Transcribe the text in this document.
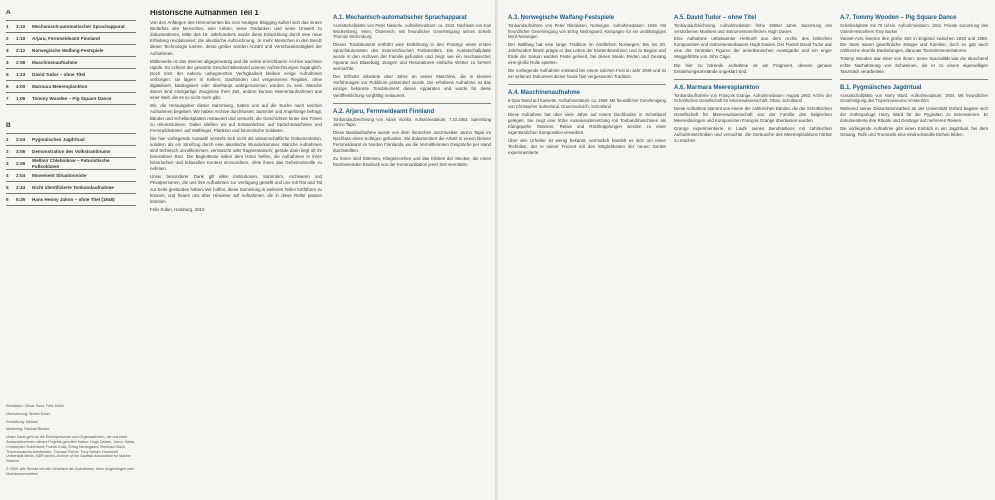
A
1	3:10	Mechanisch-automatischer Sprachapparat
2	1:10	Arjaru, Fernmeldeamt Finnland
3	2:12	Norwegische Walfang-Festspiele
4	2:58	Maschinenaufnahme
5	1:23	David Tudor – ohne Titel
6	4:00	Marmara Meeresplankton
7	1:06	Tommy Wooden – Pig Square Dance
B
1	2:04	Pygmäisches Jagdritual
2	3:06	Demonstration des Volkstrantinums
3	2:06
Wellmir Chlebnikow – Futuristische Fußsoldaten
4	2:04	Movement Situationniste
5	2:44	Nicht identifizierte Tonbandaufnahme
6	5:26	Hans Henny Jahnn – ohne Titel (1948)

Redaktion: Olmar Suss, Felix Kubin

Übersetzung: Stefan Eckel

Gestaltung: Melvan

Mastering: Rashad Becker

Unser Dank geht an die Einzelpersonen und Organisationen, die uns beim Zustandekommen dieses Projekts geholfen haben: Hugh Davies, Jarmo Sarka, Christopher Sutherland, Franck Kolla, Erling Nedregaard, Reinhard Bach, Tropenmuseum Amsterdam, Thomas Pernet, Tony Barker, Humboldt Universität Berlin, NDR Archiv, Archive of the Scottish Association for Marine Science

© 2009, alle Rechte bei den Urhebern der Aufnahmen, ihren Angehörigen oder Nachlassverwaltern

Historische Aufnahmen Teil 1

Von den Anfängen des Hörmomentes bis zum heutigen Blogging äußert sich das innere Bedürfnis des Menschen, sein Leben, seine Gedanken und seine Umwelt zu dokumentieren. Mitte des 19. Jahrhunderts wurde diese Entwicklung durch eine neue Erfindung revolutioniert: die akustische Aufzeichnung. Je mehr Menschen in den Besitz dieser Technologie kamen, desto größer wurden Anzahl und Verschiedenartigkeit der Aufnahmen.

Mittlerweile ist das Internet allgegenwärtig und die online erreichbaren Archive wachsen rapide. So schient der gesamte Geschichtsbestand unserer Aufzeichnungen zugänglich. Doch trotz der nahezu unbegrenzten Verfügbarkeit bleiben einige Aufnahmen verborgen: sie lagern in Kellern, Dachböden und vergessenen Regalen, ohne digitalisiert, katalogisiert oder überhaupt wahrgenommen worden zu sein. Manche davon sind einzigartige Zeugnisse ihrer Zeit, andere kuriose Momentaufnahmen aus einer Welt, die es so nicht mehr gibt.

Wir, die Herausgeber dieser Sammlung, haben uns auf die Suche nach solchen Aufnahmen begeben. Wir haben Archive durchforstet, Sammler und Angehörige befragt, Bänder und Schellackplatten restauriert und versucht, die Geschichten hinter den Tönen zu rekonstruieren. Dabei stießen wir auf Erstaunliches: auf Sprachmaschinen und Fernmeldeämter, auf Walfänger, Plankton und futuristische Soldaten.

Die hier vorliegende Auswahl versteht sich nicht als wissenschaftliche Dokumentation, sondern als ein Streifzug durch eine akustische Wunderkammer. Manche Aufnahmen sind technisch unvollkommen, verrauscht oder fragmentarisch; gerade darin liegt oft ihr besonderer Reiz. Die Begleittexte sollen dem Hörer helfen, die Aufnahmen in ihren historischen und kulturellen Kontext einzuordnen, ohne ihnen das Geheimnisvolle zu nehmen.

Unser besonderer Dank gilt allen Institutionen, Sammlern, Archivaren und Privatpersonen, die uns ihre Aufnahmen zur Verfügung gestellt und uns mit Rat und Tat zur Seite gestanden haben. Wir hoffen, diese Sammlung in weiteren Teilen fortführen zu können, und freuen uns über Hinweise auf Aufnahmen, die in diese Reihe passen könnten.

Felix Kubin, Hamburg, 2010

A.1. Mechanisch-automatischer Sprachapparat

Acetatschallplatte von Peter Niederle. Aufnahmedatum: ca. 1943. Nachlass von Karl Wookenberg, Wien, Österreich. Mit freundlicher Genehmigung seines Enkels Thomas Wickenburg

Dieses Tondokument entführt eine Einführung in den Prototyp eines ersten Sprachautomaten des österreichischen Tonkünstlers. Die Acetatschallplatte wurde in den Archiven der Familie gefunden und zeigt, wie ein mechanischer Apparat aus Blasebalg, Zungen und Resonatoren einfache Wörter zu formen vermochte.

Der Erfinder arbeitete über Jahre an seiner Maschine, die in kleinen Vorführungen vor Publikum präsentiert wurde. Die erhaltene Aufnahme ist das einzige bekannte Tondokument dieses Apparates und wurde für diese Veröffentlichung sorgfältig restauriert.

A.2. Arjaru, Fernmeldeamt Finnland

Tonbandaufzeichnung von Adam Viuhko. Aufnahmedatum: 7.10.1953. Sammlung Jarmo Tapio

Diese Bandaufnahme wurde von dem finnischen Jazzmusiker Jarmo Tapio im Nachlass eines Kollegen gefunden. Sie dokumentiert die Arbeit in einem kleinen Fernmeldeamt im Norden Finnlands, wo die Vermittlerinnen Gespräche per Hand durchstellten.

Zu hören sind Stimmen, Klingelzeichen und das Klicken der Stecker, die einen faszinierenden Eindruck von der Kommunikation jener Zeit vermitteln.

A.3. Norwegische Walfang-Festspiele

Tonbandaufnahme von Peter Nikolaisen, Norwegen. Aufnahmedatum: 1948. Mit freundlicher Genehmigung von Erling Nedregaard, Kampagne für ein unabhängiges Nord-Norwegen

Der Walfang hat eine lange Tradition im nördlichen Norwegen. Bis ins 20. Jahrhundert hinein prägte er das Leben der Küstenbewohner, und zu Beginn und Ende der Saison wurden Feste gefeiert, bei denen Musik, Reden und Gesang eine große Rolle spielten.

Die vorliegende Aufnahme entstand bei einem solchen Fest im Jahr 1948 und ist ein seltenes Dokument dieser heute fast vergessenen Tradition.

A.4. Maschinenaufnahme

8-Spur-Band auf Kassette. Aufnahmedatum: ca. 1968. Mit freundlicher Genehmigung von Christopher Sutherland, Drummodroich, Schottland

Diese Aufnahme hat über viele Jahre auf einem Dachboden in Schottland gelegen. Sie zeigt eine frühe Auseinandersetzung mit Tonbandmaschinen als Klangquelle: Motoren, Relais und Rückkopplungen werden zu einer eigentümlichen Komposition verwoben.

Über den Urheber ist wenig bekannt; vermutlich handelt es sich um einen Techniker, der in seiner Freizeit mit den Möglichkeiten der neuen Geräte experimentierte.

A.5. David Tudor – ohne Titel

Tonbandaufzeichnung. Aufnahmedatum: frühe 1950er Jahre. Sammlung des verstorbenen Musikers und Instrumentenerfinders Hugh Davies

Eine Aufnahme unbekannter Herkunft aus dem Archiv des britischen Komponisten und Instrumentenbauers Hugh Davies. Der Pianist David Tudor war eine der zentralen Figuren der amerikanischen Avantgarde und ein enger Weggefährte von John Cage.

Die hier zu hörende Aufnahme ist ein Fragment, dessen genaue Entstehungsumstände ungeklärt sind.

A.6. Marmara Meeresplankton

Tonbandaufnahme von François Grange. Aufnahmedatum: August 1953. Archiv der Schottischen Gesellschaft für Meereswissenschaft, Oban, Schottland

Diese Aufnahme stammt von einem der zahlreichen Bänder, die der Schottischen Gesellschaft für Meereswissenschaft von der Familie des belgischen Meeresbiologen und Komponisten François Grange überlassen wurden.

Grange experimentierte in Laufe seines Berufslebens mit zahlreichen Aufnahmetechniken und versuchte, die Geräusche des Meeresplanktons hörbar zu machen.

A.7. Tommy Wooden – Pig Square Dance

Schellackplatte mit 78 U/min. Aufnahmedatum: 1941. Private Sammlung des Varieté-Historikers Tony Barker

Varieté-Acts feierten ihre große Zeit in England zwischen 1920 und 1960. Die Stars waren gewöhnliche Sänger und Komiker, doch es gab auch zahlreiche skurrile Darbietungen, darunter Tierstimmenimitatoren.

Tommy Wooden war einer von ihnen: Seine Spezialität war die täuschend echte Nachahmung von Schweinen, die er zu einem eigenwilligen Tanzstück verarbeitete.

B.1. Pygmäisches Jagdritual

Acetatschallplatte von Harry Ward. Aufnahmedatum: 1934. Mit freundlicher Genehmigung des Tropenmuseums Amsterdam

Während seiner Dissertationsarbeit an der Universität Oxford begann sich der Anthropologe Harry Ward für die Pygmäen zu interessieren. Er dokumentierte ihre Rituale und Gesänge auf mehreren Reisen.

Die vorliegende Aufnahme gibt einen Einblick in ein Jagdritual, bei dem Gesang, Rufe und Trommeln eine eindrucksvolle Einheit bilden.
